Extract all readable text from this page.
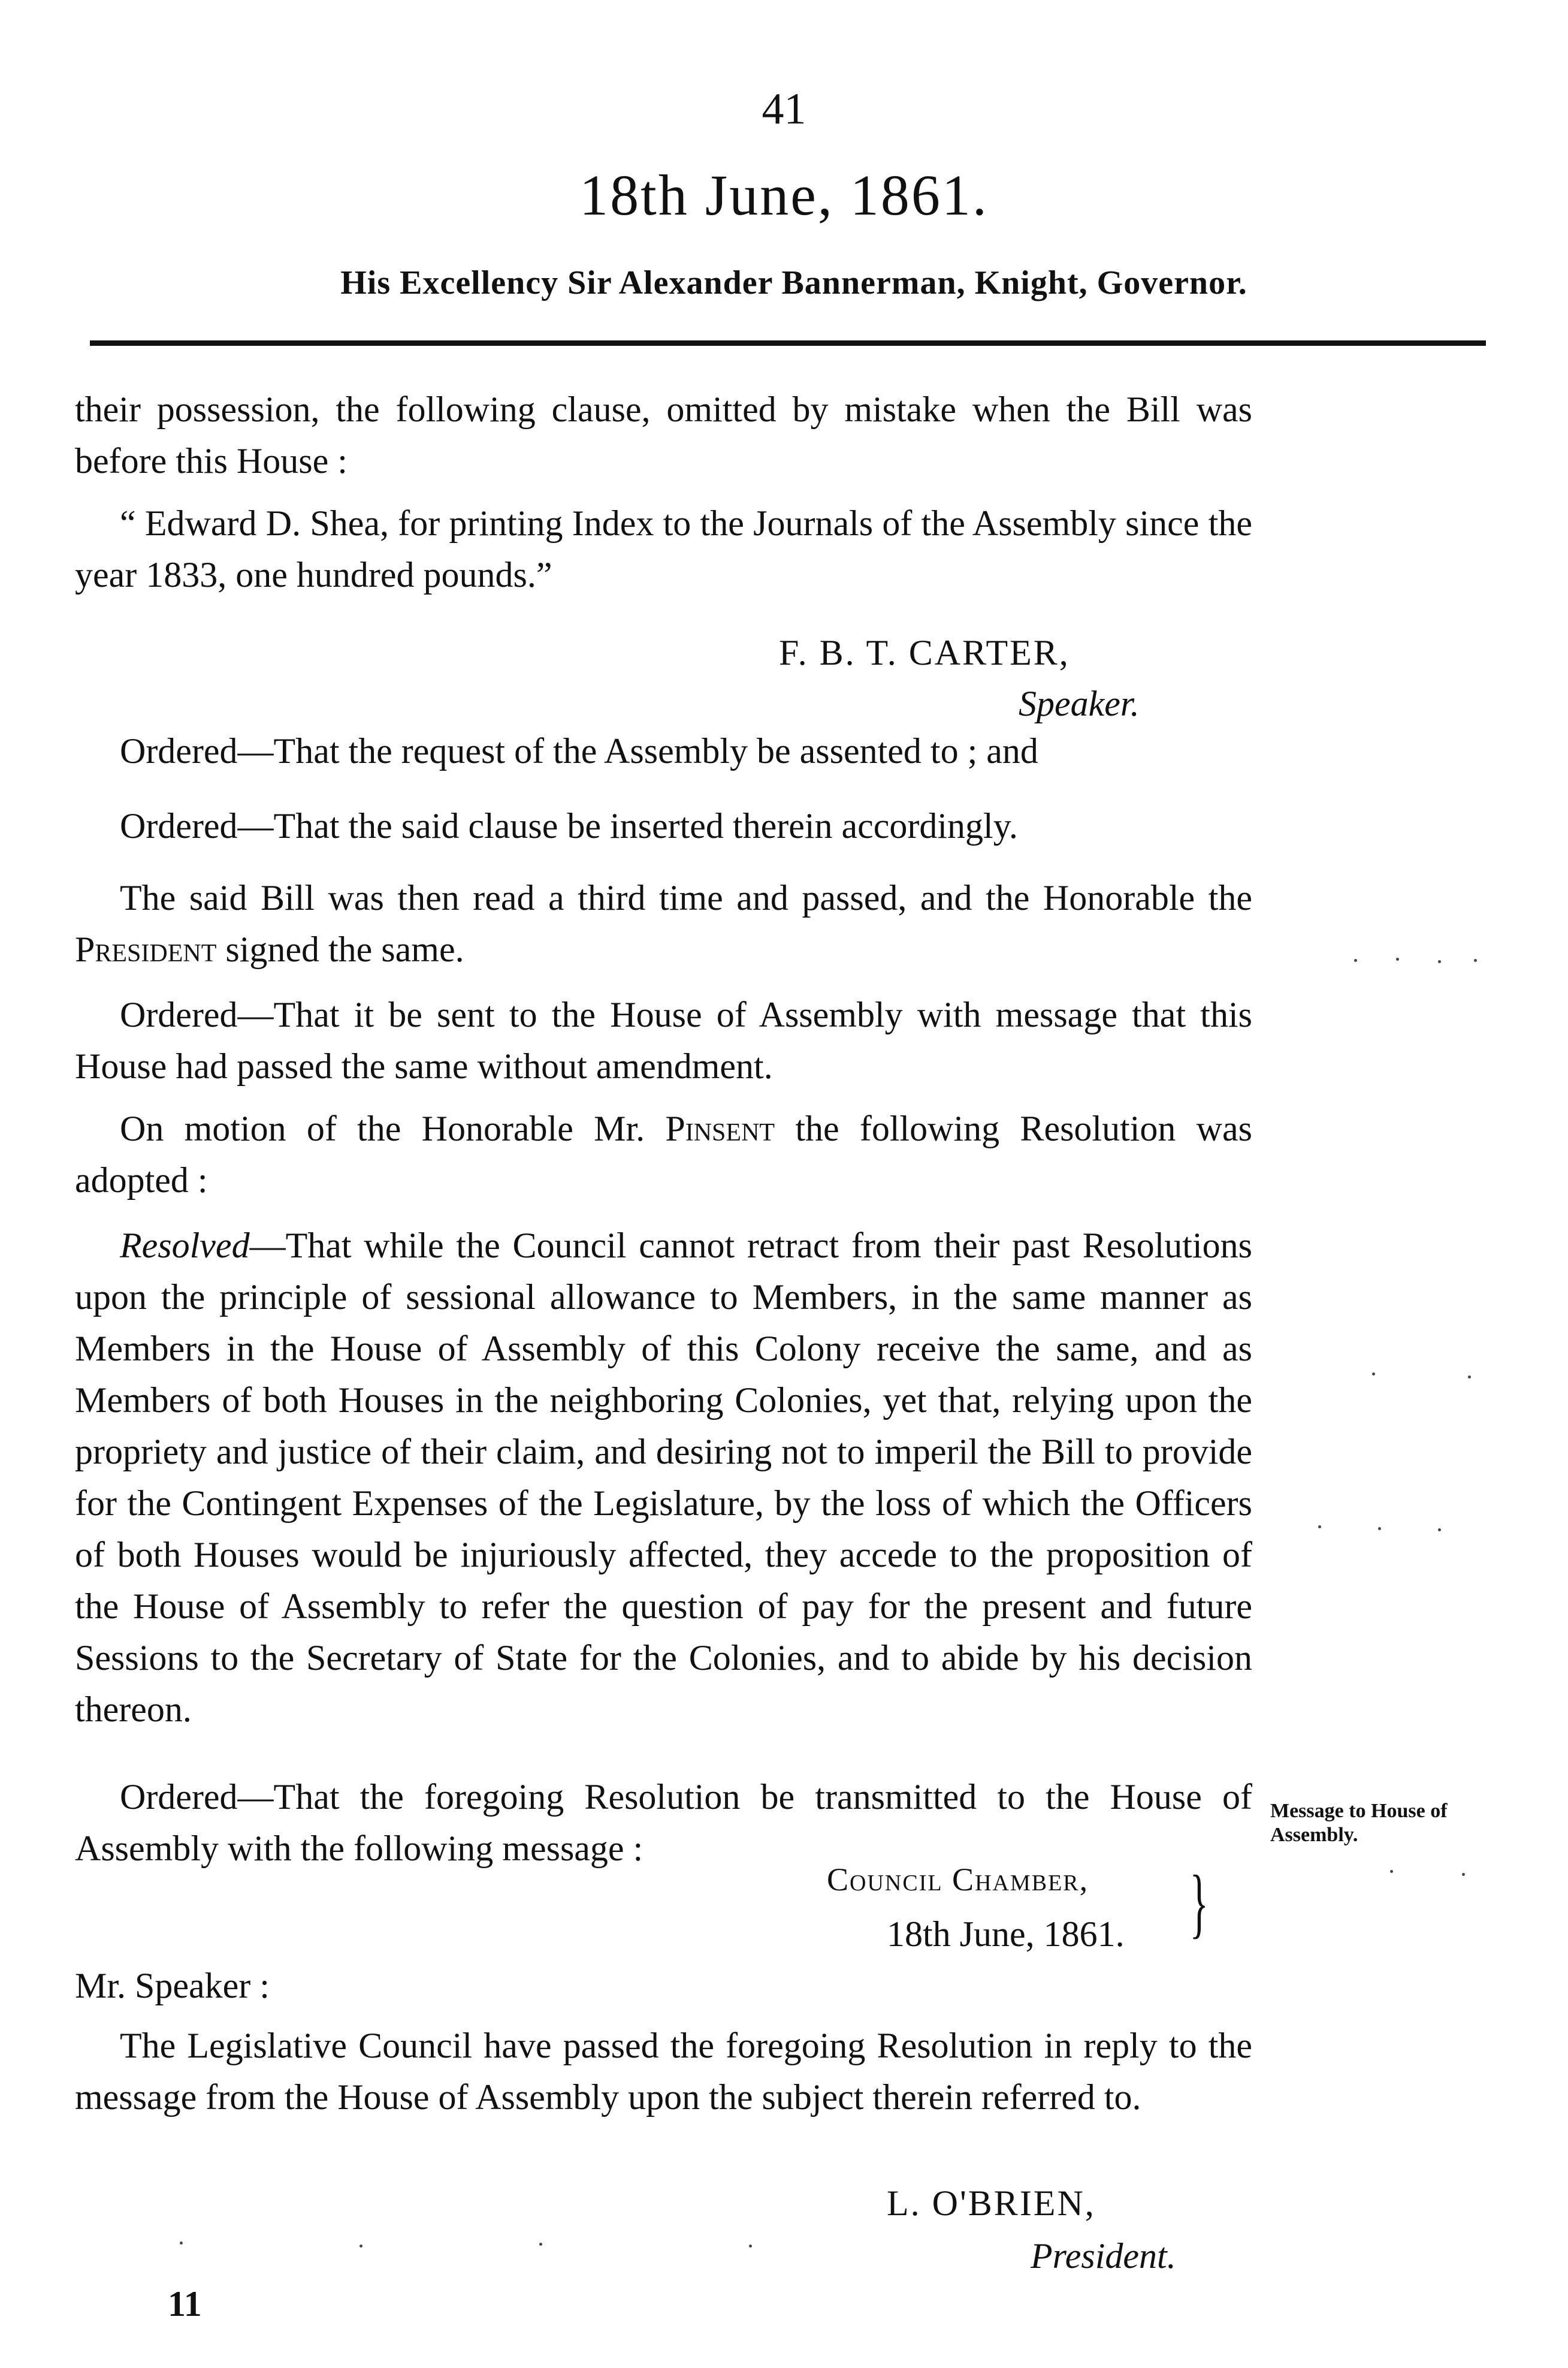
41
18th June, 1861.
His Excellency Sir Alexander Bannerman, Knight, Governor.

their possession, the following clause, omitted by mistake when the Bill was before this House :

“ Edward D. Shea, for printing Index to the Journals of the Assembly since the year 1833, one hundred pounds.”

F. B. T. CARTER,
Speaker.

Ordered—That the request of the Assembly be assented to ; and

Ordered—That the said clause be inserted therein accordingly.

The said Bill was then read a third time and passed, and the Honorable the President signed the same.

Ordered—That it be sent to the House of Assembly with message that this House had passed the same without amendment.

On motion of the Honorable Mr. Pinsent the following Resolution was adopted :

Resolved—That while the Council cannot retract from their past Resolutions upon the principle of sessional allowance to Members, in the same manner as Members in the House of Assembly of this Colony receive the same, and as Members of both Houses in the neighboring Colonies, yet that, relying upon the propriety and justice of their claim, and desiring not to imperil the Bill to provide for the Contingent Expenses of the Legislature, by the loss of which the Officers of both Houses would be injuriously affected, they accede to the proposition of the House of Assembly to refer the question of pay for the present and future Sessions to the Secretary of State for the Colonies, and to abide by his decision thereon.

Ordered—That the foregoing Resolution be transmitted to the House of Assembly with the following message :

Message to House of Assembly.
Council Chamber,
18th June, 1861. }

Mr. Speaker :

The Legislative Council have passed the foregoing Resolution in reply to the message from the House of Assembly upon the subject therein referred to.

L. O'BRIEN,
President.
11
